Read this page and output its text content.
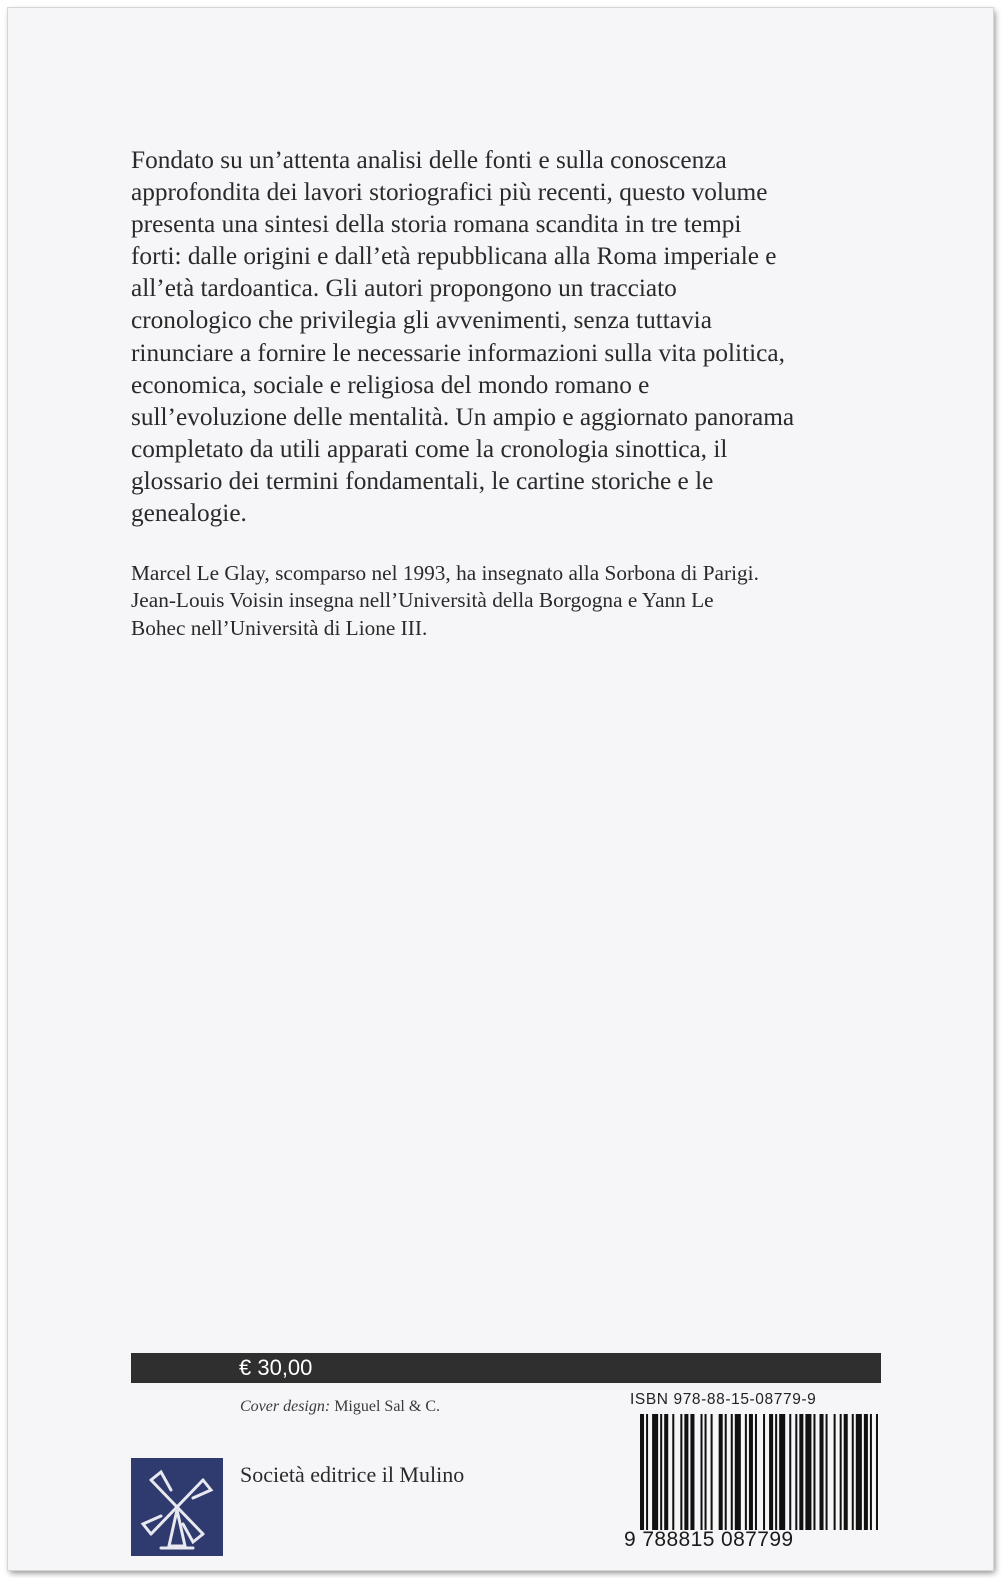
Fondato su un’attenta analisi delle fonti e sulla conoscenza
approfondita dei lavori storiografici più recenti, questo volume
presenta una sintesi della storia romana scandita in tre tempi
forti: dalle origini e dall’età repubblicana alla Roma imperiale e
all’età tardoantica. Gli autori propongono un tracciato
cronologico che privilegia gli avvenimenti, senza tuttavia
rinunciare a fornire le necessarie informazioni sulla vita politica,
economica, sociale e religiosa del mondo romano e
sull’evoluzione delle mentalità. Un ampio e aggiornato panorama
completato da utili apparati come la cronologia sinottica, il
glossario dei termini fondamentali, le cartine storiche e le
genealogie.

Marcel Le Glay, scomparso nel 1993, ha insegnato alla Sorbona di Parigi.
Jean-Louis Voisin insegna nell’Università della Borgogna e Yann Le
Bohec nell’Università di Lione III.

€ 30,00
Cover design: Miguel Sal & C.
Società editrice il Mulino
ISBN 978-88-15-08779-9
9 788815 087799
